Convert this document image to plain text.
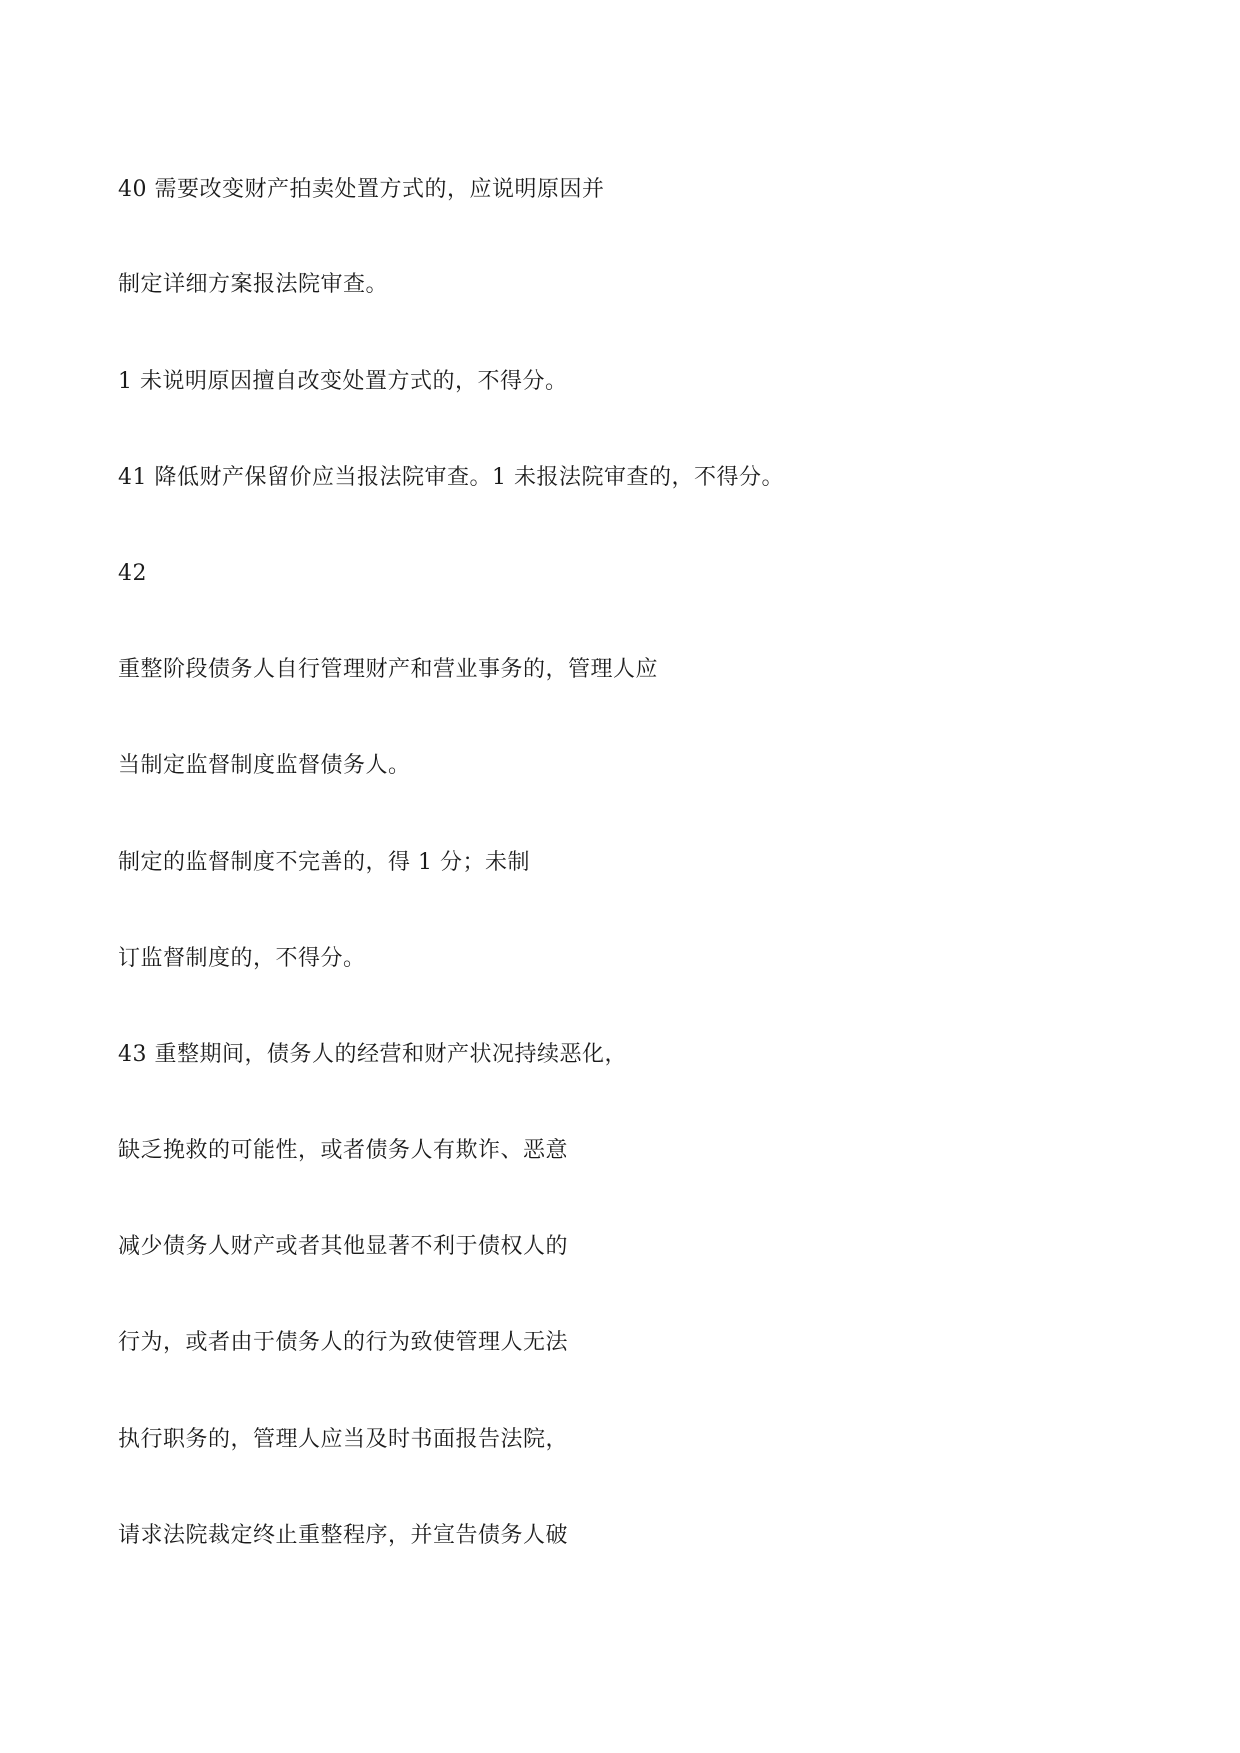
40 需要改变财产拍卖处置方式的，应说明原因并

制定详细方案报法院审查。

1 未说明原因擅自改变处置方式的，不得分。

41 降低财产保留价应当报法院审查。1 未报法院审查的，不得分。

42

重整阶段债务人自行管理财产和营业事务的，管理人应

当制定监督制度监督债务人。

制定的监督制度不完善的，得 1 分；未制

订监督制度的，不得分。

43 重整期间，债务人的经营和财产状况持续恶化，

缺乏挽救的可能性，或者债务人有欺诈、恶意

减少债务人财产或者其他显著不利于债权人的

行为，或者由于债务人的行为致使管理人无法

执行职务的，管理人应当及时书面报告法院，

请求法院裁定终止重整程序，并宣告债务人破
